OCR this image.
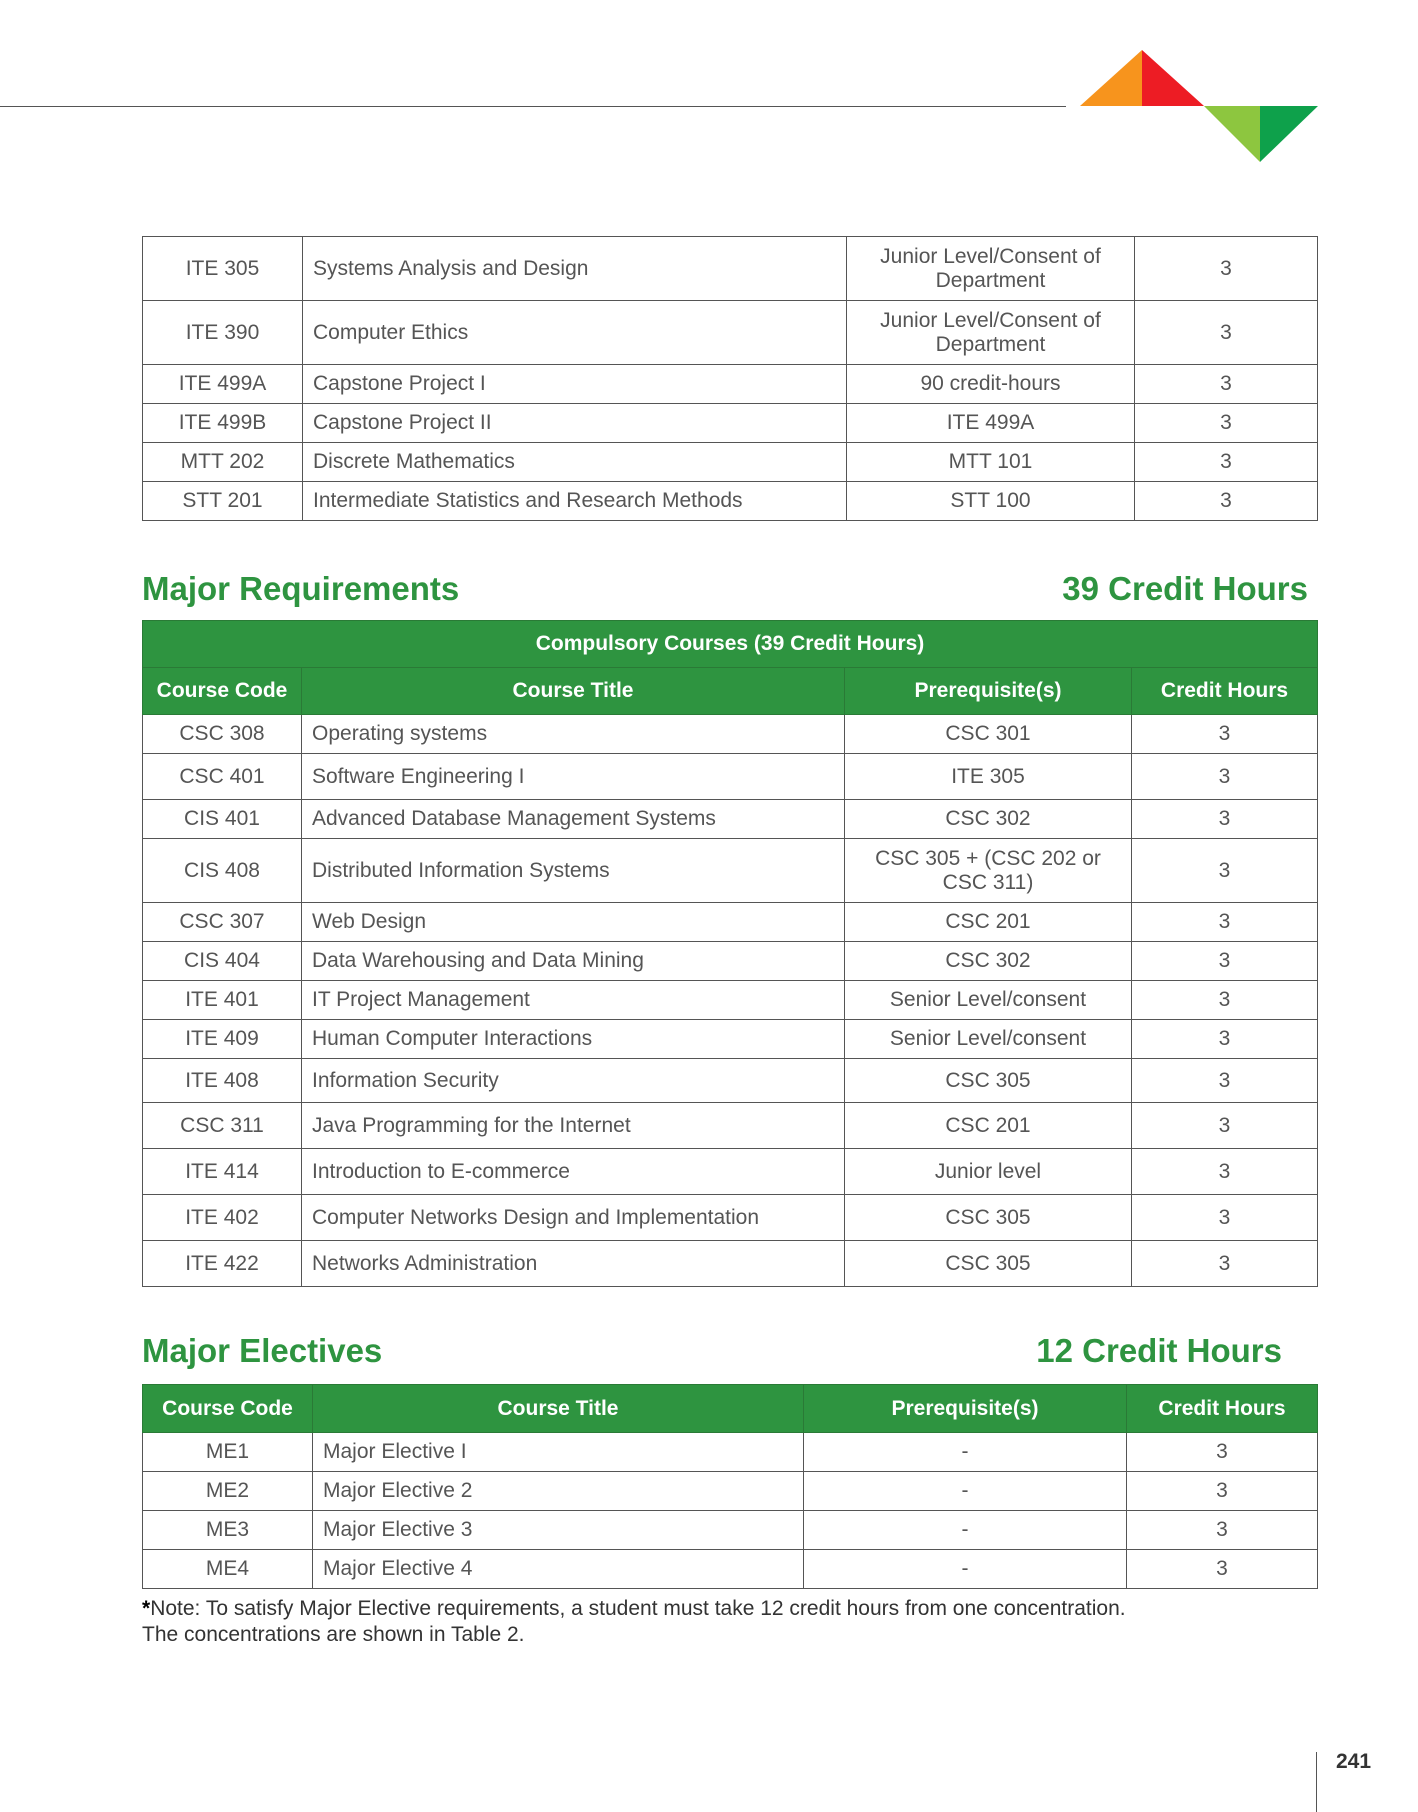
ITE 305	Systems Analysis and Design	Junior Level/Consent of Department	3
ITE 390	Computer Ethics	Junior Level/Consent of Department	3
ITE 499A	Capstone Project I	90 credit-hours	3
ITE 499B	Capstone Project II	ITE 499A	3
MTT 202	Discrete Mathematics	MTT 101	3
STT 201	Intermediate Statistics and Research Methods	STT 100	3
Major Requirements	39 Credit Hours
Compulsory Courses (39 Credit Hours)			
Course Code	Course Title	Prerequisite(s)	Credit Hours
CSC 308	Operating systems	CSC 301	3
CSC 401	Software Engineering I	ITE 305	3
CIS 401	Advanced Database Management Systems	CSC 302	3
CIS 408	Distributed Information Systems	CSC 305 + (CSC 202 or CSC 311)	3
CSC 307	Web Design	CSC 201	3
CIS 404	Data Warehousing and Data Mining	CSC 302	3
ITE 401	IT Project Management	Senior Level/consent	3
ITE 409	Human Computer Interactions	Senior Level/consent	3
ITE 408	Information Security	CSC 305	3
CSC 311	Java Programming for the Internet	CSC 201	3
ITE 414	Introduction to E-commerce	Junior level	3
ITE 402	Computer Networks Design and Implementation	CSC 305	3
ITE 422	Networks Administration	CSC 305	3
Major Electives	12 Credit Hours
Course Code	Course Title	Prerequisite(s)	Credit Hours
ME1	Major Elective I	-	3
ME2	Major Elective 2	-	3
ME3	Major Elective 3	-	3
ME4	Major Elective 4	-	3
*Note: To satisfy Major Elective requirements, a student must take 12 credit hours from one concentration.
The concentrations are shown in Table 2.
241
